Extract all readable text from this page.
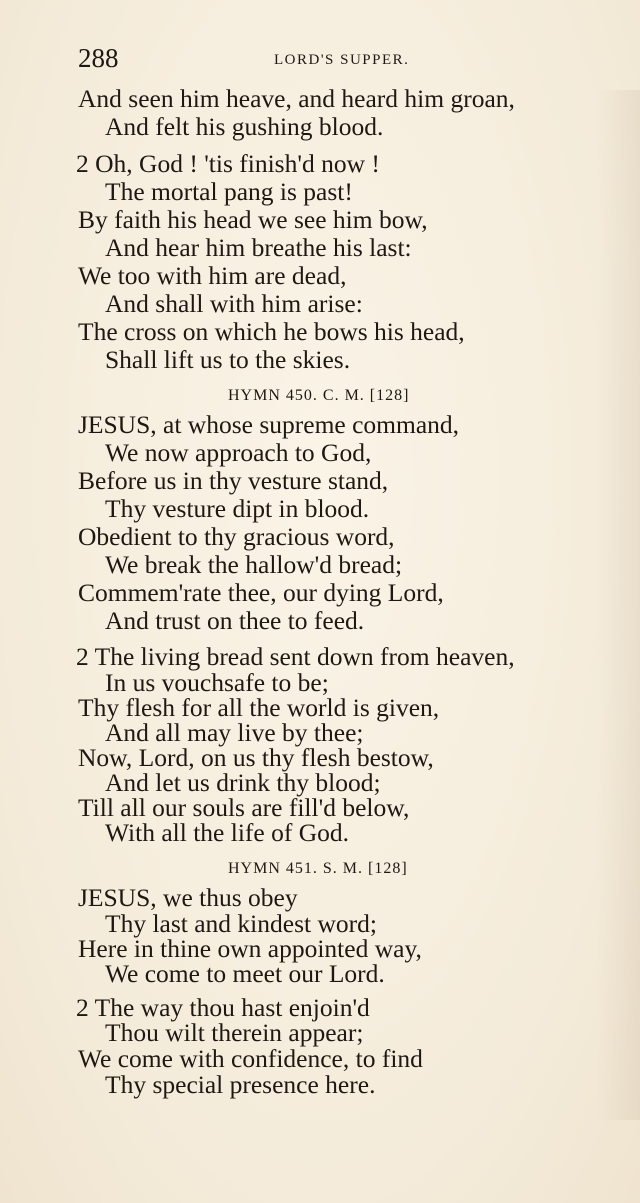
288	LORD'S SUPPER.
And seen him heave, and heard him groan,
And felt his gushing blood.
2 Oh, God ! 'tis finish'd now !
The mortal pang is past!
By faith his head we see him bow,
And hear him breathe his last:
We too with him are dead,
And shall with him arise:
The cross on which he bows his head,
Shall lift us to the skies.
HYMN 450. C. M. [128]
JESUS, at whose supreme command,
We now approach to God,
Before us in thy vesture stand,
Thy vesture dipt in blood.
Obedient to thy gracious word,
We break the hallow'd bread;
Commem'rate thee, our dying Lord,
And trust on thee to feed.
2 The living bread sent down from heaven,
In us vouchsafe to be;
Thy flesh for all the world is given,
And all may live by thee;
Now, Lord, on us thy flesh bestow,
And let us drink thy blood;
Till all our souls are fill'd below,
With all the life of God.
HYMN 451. S. M. [128]
JESUS, we thus obey
Thy last and kindest word;
Here in thine own appointed way,
We come to meet our Lord.
2 The way thou hast enjoin'd
Thou wilt therein appear;
We come with confidence, to find
Thy special presence here.
